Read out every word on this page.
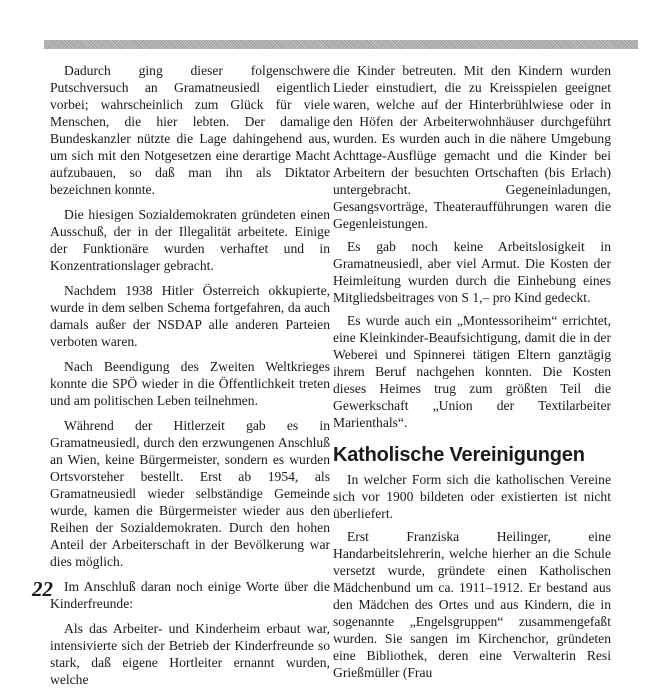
Dadurch ging dieser folgenschwere Putschversuch an Gramatneusiedl eigentlich vorbei; wahrscheinlich zum Glück für viele Menschen, die hier lebten. Der damalige Bundeskanzler nützte die Lage dahingehend aus, um sich mit den Notgesetzen eine derartige Macht aufzubauen, so daß man ihn als Diktator bezeichnen konnte.

Die hiesigen Sozialdemokraten gründeten einen Ausschuß, der in der Illegalität arbeitete. Einige der Funktionäre wurden verhaftet und in Konzentrationslager gebracht.

Nachdem 1938 Hitler Österreich okkupierte, wurde in dem selben Schema fortgefahren, da auch damals außer der NSDAP alle anderen Parteien verboten waren.

Nach Beendigung des Zweiten Weltkrieges konnte die SPÖ wieder in die Öffentlichkeit treten und am politischen Leben teilnehmen.

Während der Hitlerzeit gab es in Gramatneusiedl, durch den erzwungenen Anschluß an Wien, keine Bürgermeister, sondern es wurden Ortsvorsteher bestellt. Erst ab 1954, als Gramatneusiedl wieder selbständige Gemeinde wurde, kamen die Bürgermeister wieder aus den Reihen der Sozialdemokraten. Durch den hohen Anteil der Arbeiterschaft in der Bevölkerung war dies möglich.

Im Anschluß daran noch einige Worte über die Kinderfreunde:

Als das Arbeiter- und Kinderheim erbaut war, intensivierte sich der Betrieb der Kinderfreunde so stark, daß eigene Hortleiter ernannt wurden, welche

die Kinder betreuten. Mit den Kindern wurden Lieder einstudiert, die zu Kreisspielen geeignet waren, welche auf der Hinterbrühlwiese oder in den Höfen der Arbeiterwohnhäuser durchgeführt wurden. Es wurden auch in die nähere Umgebung Achttage-Ausflüge gemacht und die Kinder bei Arbeitern der besuchten Ortschaften (bis Erlach) untergebracht. Gegeneinladungen, Gesangsvorträge, Theateraufführungen waren die Gegenleistungen.

Es gab noch keine Arbeitslosigkeit in Gramatneusiedl, aber viel Armut. Die Kosten der Heimleitung wurden durch die Einhebung eines Mitgliedsbeitrages von S 1,– pro Kind gedeckt.

Es wurde auch ein „Montessoriheim“ errichtet, eine Kleinkinder-Beaufsichtigung, damit die in der Weberei und Spinnerei tätigen Eltern ganztägig ihrem Beruf nachgehen konnten. Die Kosten dieses Heimes trug zum größten Teil die Gewerkschaft „Union der Textilarbeiter Marienthals“.

Katholische Vereinigungen

In welcher Form sich die katholischen Vereine sich vor 1900 bildeten oder existierten ist nicht überliefert.

Erst Franziska Heilinger, eine Handarbeitslehrerin, welche hierher an die Schule versetzt wurde, gründete einen Katholischen Mädchenbund um ca. 1911–1912. Er bestand aus den Mädchen des Ortes und aus Kindern, die in sogenannte „Engelsgruppen“ zusammengefaßt wurden. Sie sangen im Kirchenchor, gründeten eine Bibliothek, deren eine Verwalterin Resi Grießmüller (Frau

22
